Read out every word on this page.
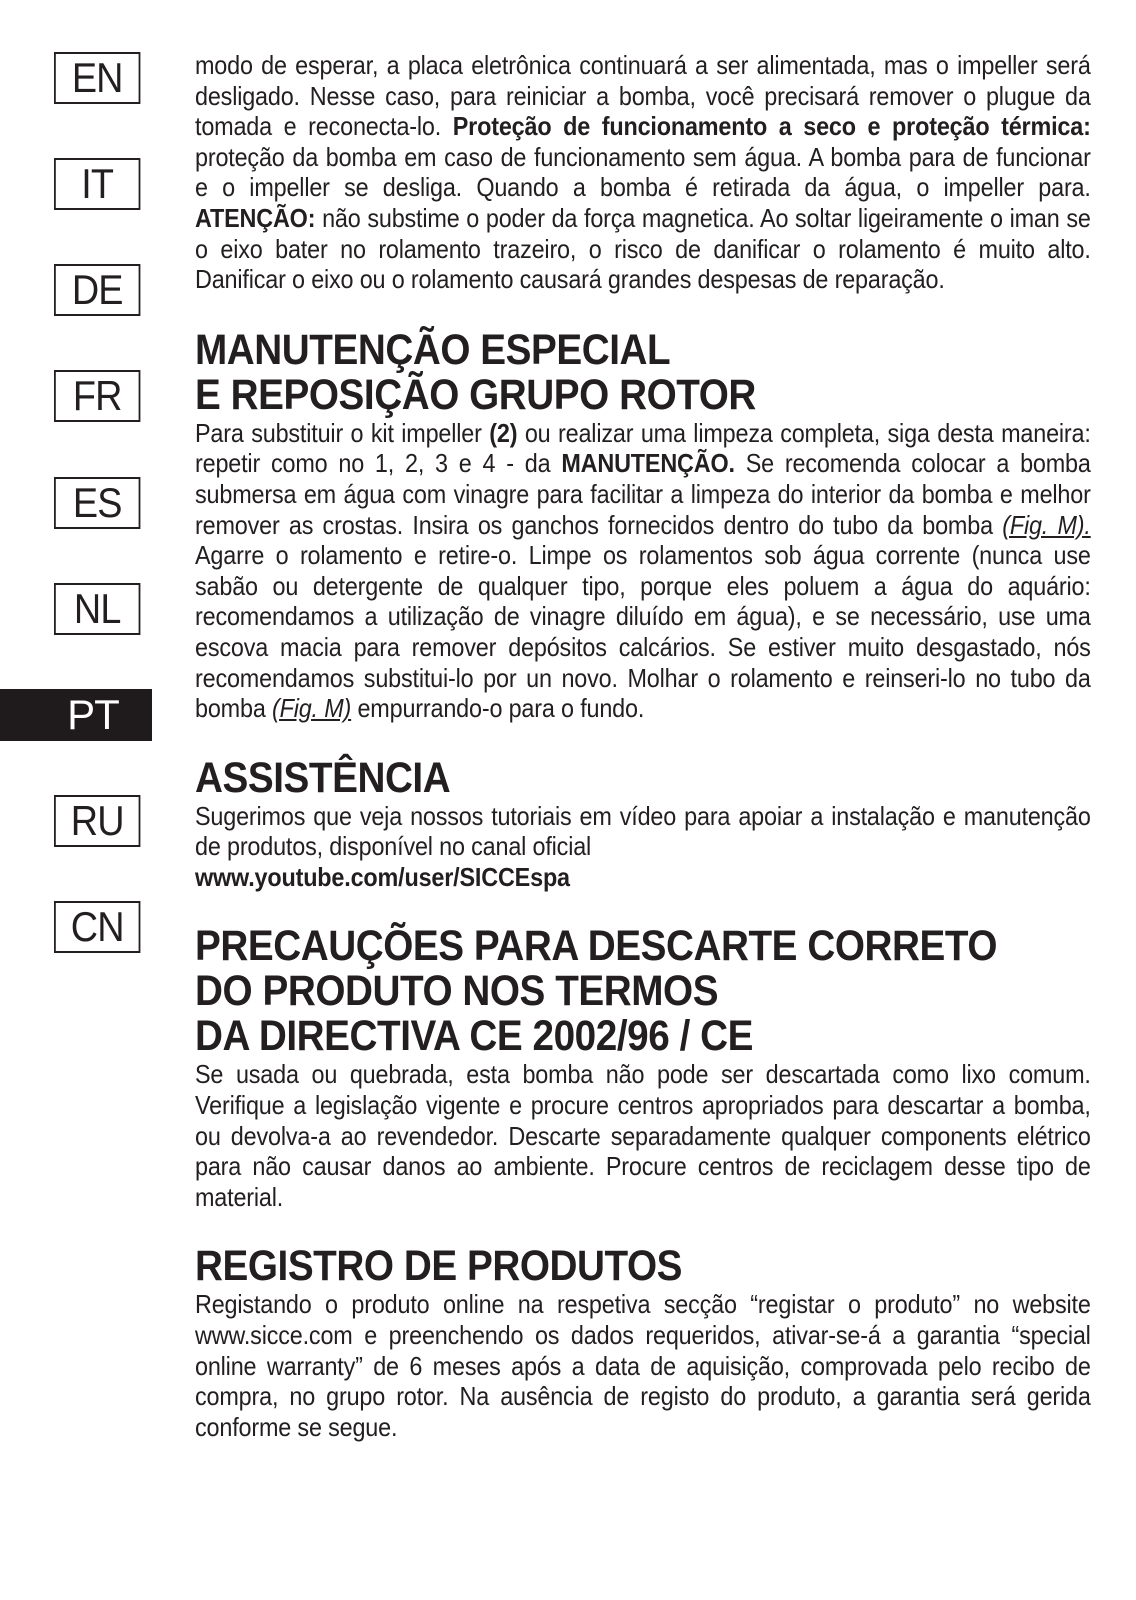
EN
IT
DE
FR
ES
NL
PT
RU
CN

modo de esperar, a placa eletrônica continuará a ser alimentada, mas o impeller será desligado. Nesse caso, para reiniciar a bomba, você precisará remover o plugue da tomada e reconecta-lo. Proteção de funcionamento a seco e proteção térmica: proteção da bomba em caso de funcionamento sem água. A bomba para de funcionar e o impeller se desliga. Quando a bomba é retirada da água, o impeller para. ATENÇÃO: não substime o poder da força magnetica. Ao soltar ligeiramente o iman se o eixo bater no rolamento trazeiro, o risco de danificar o rolamento é muito alto. Danificar o eixo ou o rolamento causará grandes despesas de reparação.

MANUTENÇÃO ESPECIAL
E REPOSIÇÃO GRUPO ROTOR

Para substituir o kit impeller (2) ou realizar uma limpeza completa, siga desta maneira: repetir como no 1, 2, 3 e 4 - da MANUTENÇÃO. Se recomenda colocar a bomba submersa em água com vinagre para facilitar a limpeza do interior da bomba e melhor remover as crostas. Insira os ganchos fornecidos dentro do tubo da bomba (Fig. M). Agarre o rolamento e retire-o. Limpe os rolamentos sob água corrente (nunca use sabão ou detergente de qualquer tipo, porque eles poluem a água do aquário: recomendamos a utilização de vinagre diluído em água), e se necessário, use uma escova macia para remover depósitos calcários. Se estiver muito desgastado, nós recomendamos substitui-lo por un novo. Molhar o rolamento e reinseri-lo no tubo da bomba (Fig. M) empurrando-o para o fundo.

ASSISTÊNCIA

Sugerimos que veja nossos tutoriais em vídeo para apoiar a instalação e manutenção de produtos, disponível no canal oficial

www.youtube.com/user/SICCEspa

PRECAUÇÕES PARA DESCARTE CORRETO
DO PRODUTO NOS TERMOS
DA DIRECTIVA CE 2002/96 / CE

Se usada ou quebrada, esta bomba não pode ser descartada como lixo comum. Verifique a legislação vigente e procure centros apropriados para descartar a bomba, ou devolva-a ao revendedor. Descarte separadamente qualquer components elétrico para não causar danos ao ambiente. Procure centros de reciclagem desse tipo de material.

REGISTRO DE PRODUTOS

Registando o produto online na respetiva secção “registar o produto” no website www.sicce.com e preenchendo os dados requeridos, ativar-se-á a garantia “special online warranty” de 6 meses após a data de aquisição, comprovada pelo recibo de compra, no grupo rotor. Na ausência de registo do produto, a garantia será gerida conforme se segue.
